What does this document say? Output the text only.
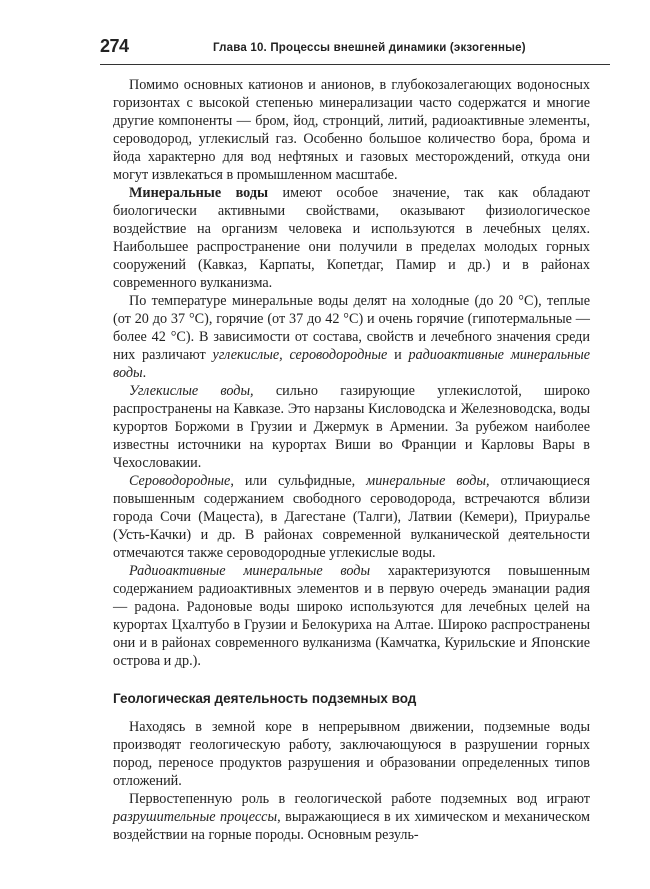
274	Глава 10. Процессы внешней динамики (экзогенные)

Помимо основных катионов и анионов, в глубокозалегающих водоносных горизонтах с высокой степенью минерализации часто содержатся и многие другие компоненты — бром, йод, стронций, литий, радиоактивные элементы, сероводород, углекислый газ. Особенно большое количество бора, брома и йода характерно для вод нефтяных и газовых месторождений, откуда они могут извлекаться в промышленном масштабе.

Минеральные воды имеют особое значение, так как обладают биологически активными свойствами, оказывают физиологическое воздействие на организм человека и используются в лечебных целях. Наибольшее распространение они получили в пределах молодых горных сооружений (Кавказ, Карпаты, Копетдаг, Памир и др.) и в районах современного вулканизма.

По температуре минеральные воды делят на холодные (до 20 °C), теплые (от 20 до 37 °C), горячие (от 37 до 42 °C) и очень горячие (гипотермальные — более 42 °C). В зависимости от состава, свойств и лечебного значения среди них различают углекислые, сероводородные и радиоактивные минеральные воды.

Углекислые воды, сильно газирующие углекислотой, широко распространены на Кавказе. Это нарзаны Кисловодска и Железноводска, воды курортов Боржоми в Грузии и Джермук в Армении. За рубежом наиболее известны источники на курортах Виши во Франции и Карловы Вары в Чехословакии.

Сероводородные, или сульфидные, минеральные воды, отличающиеся повышенным содержанием свободного сероводорода, встречаются вблизи города Сочи (Мацеста), в Дагестане (Талги), Латвии (Кемери), Приуралье (Усть-Качки) и др. В районах современной вулканической деятельности отмечаются также сероводородные углекислые воды.

Радиоактивные минеральные воды характеризуются повышенным содержанием радиоактивных элементов и в первую очередь эманации радия — радона. Радоновые воды широко используются для лечебных целей на курортах Цхалтубо в Грузии и Белокуриха на Алтае. Широко распространены они и в районах современного вулканизма (Камчатка, Курильские и Японские острова и др.).

Геологическая деятельность подземных вод

Находясь в земной коре в непрерывном движении, подземные воды производят геологическую работу, заключающуюся в разрушении горных пород, переносе продуктов разрушения и образовании определенных типов отложений.

Первостепенную роль в геологической работе подземных вод играют разрушительные процессы, выражающиеся в их химическом и механическом воздействии на горные породы. Основным резуль-
